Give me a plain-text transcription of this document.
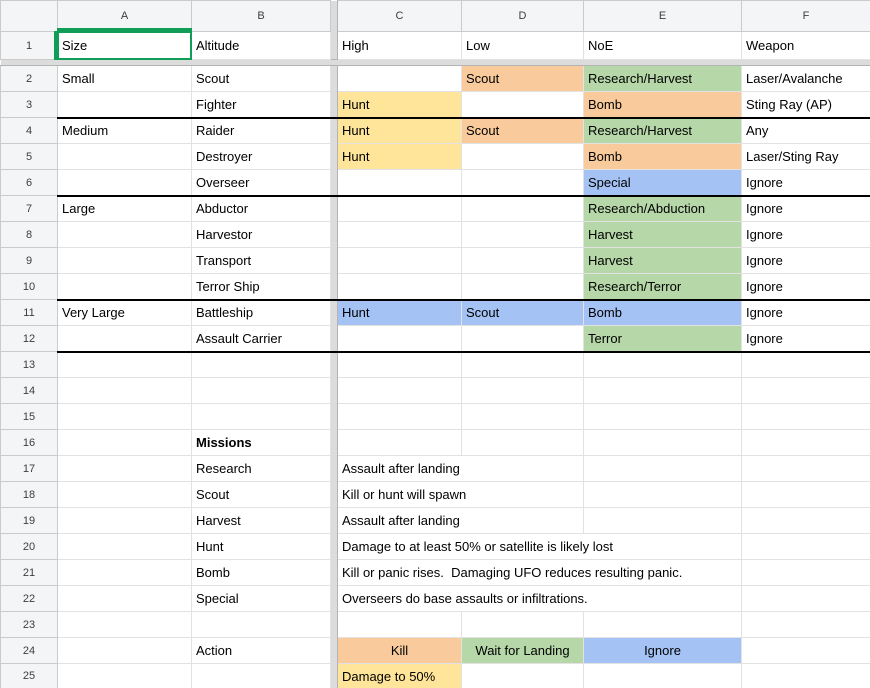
	A	B		C	D	E	F
1	Size	Altitude		High	Low	NoE	Weapon

2	Small	Scout			Scout	Research/Harvest	Laser/Avalanche
3		Fighter		Hunt		Bomb	Sting Ray (AP)
4	Medium	Raider		Hunt	Scout	Research/Harvest	Any
5		Destroyer		Hunt		Bomb	Laser/Sting Ray
6		Overseer				Special	Ignore
7	Large	Abductor				Research/Abduction	Ignore
8		Harvestor				Harvest	Ignore
9		Transport				Harvest	Ignore
10		Terror Ship				Research/Terror	Ignore
11	Very Large	Battleship		Hunt	Scout	Bomb	Ignore
12		Assault Carrier				Terror	Ignore
13							
14							
15							
16		Missions					
17		Research		Assault after landing			
18		Scout		Kill or hunt will spawn			
19		Harvest		Assault after landing			
20		Hunt		Damage to at least 50% or satellite is likely lost			
21		Bomb		Kill or panic rises.  Damaging UFO reduces resulting panic.			
22		Special		Overseers do base assaults or infiltrations.			
23							
24		Action		Kill	Wait for Landing	Ignore	
25				Damage to 50%			
